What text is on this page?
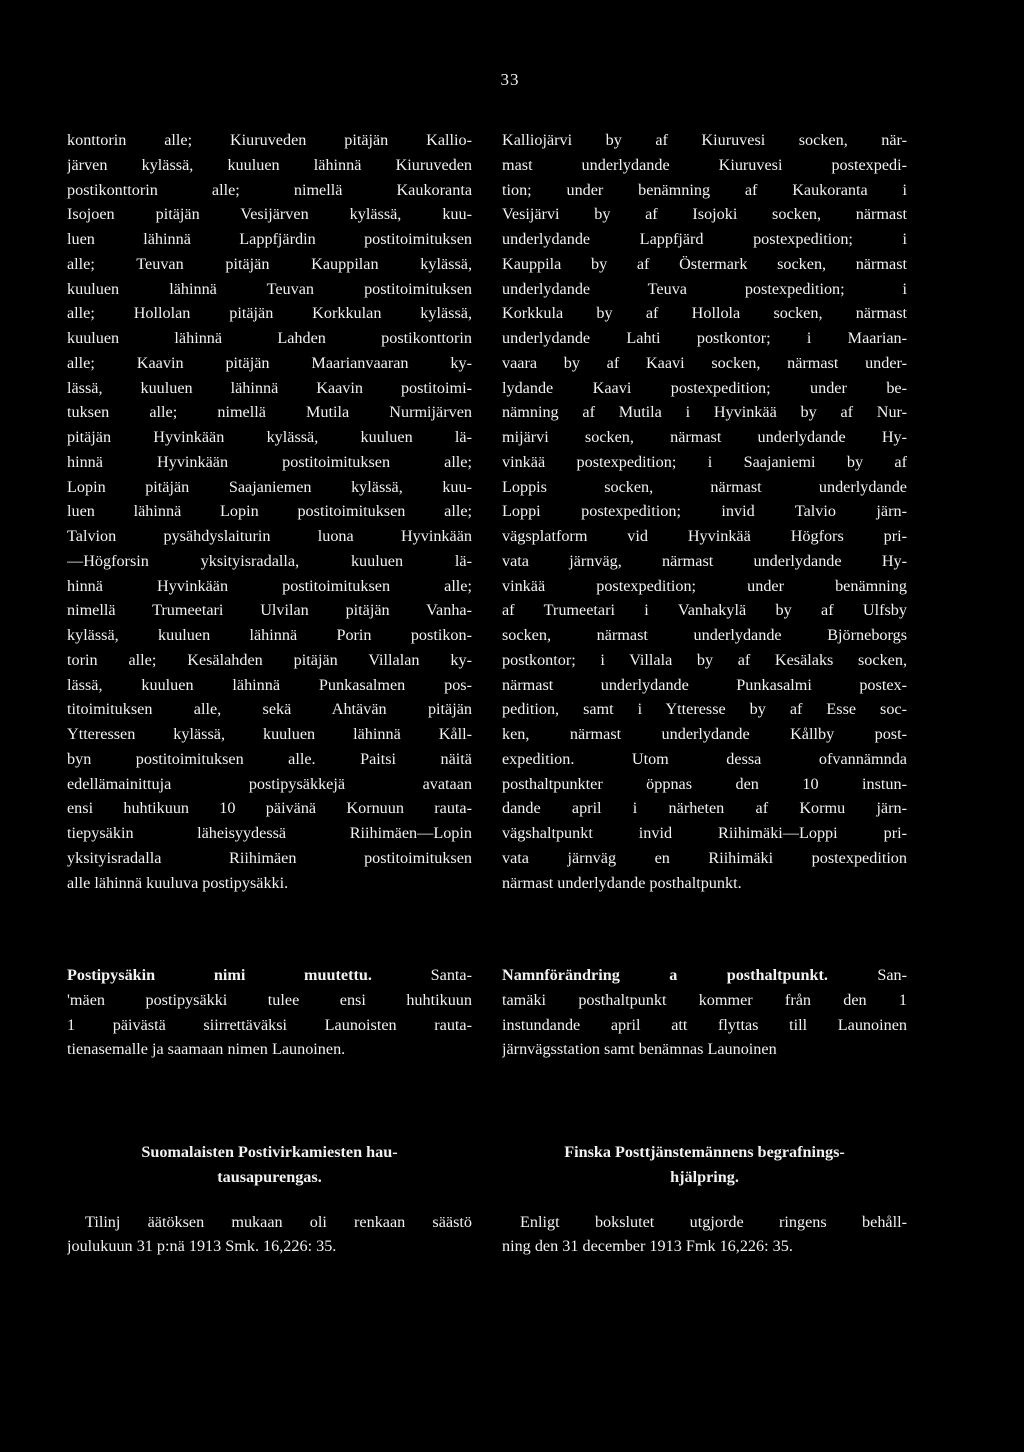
33

konttorin alle; Kiuruveden pitäjän Kallio-
järven kylässä, kuuluen lähinnä Kiuruveden
postikonttorin alle; nimellä Kaukoranta
Isojoen pitäjän Vesijärven kylässä, kuu-
luen lähinnä Lappfjärdin postitoimituksen
alle; Teuvan pitäjän Kauppilan kylässä,
kuuluen lähinnä Teuvan postitoimituksen
alle; Hollolan pitäjän Korkkulan kylässä,
kuuluen lähinnä Lahden postikonttorin
alle; Kaavin pitäjän Maarianvaaran ky-
lässä, kuuluen lähinnä Kaavin postitoimi-
tuksen alle; nimellä Mutila Nurmijärven
pitäjän Hyvinkään kylässä, kuuluen lä-
hinnä Hyvinkään postitoimituksen alle;
Lopin pitäjän Saajaniemen kylässä, kuu-
luen lähinnä Lopin postitoimituksen alle;
Talvion pysähdyslaiturin luona Hyvinkään
—Högforsin yksityisradalla, kuuluen lä-
hinnä Hyvinkään postitoimituksen alle;
nimellä Trumeetari Ulvilan pitäjän Vanha-
kylässä, kuuluen lähinnä Porin postikon-
torin alle; Kesälahden pitäjän Villalan ky-
lässä, kuuluen lähinnä Punkasalmen pos-
titoimituksen alle, sekä Ahtävän pitäjän
Ytteressen kylässä, kuuluen lähinnä Kåll-
byn postitoimituksen alle. Paitsi näitä
edellämainittuja postipysäkkejä avataan
ensi huhtikuun 10 päivänä Kornuun rauta-
tiepysäkin läheisyydessä Riihimäen—Lopin
yksityisradalla Riihimäen postitoimituksen
alle lähinnä kuuluva postipysäkki.

Kalliojärvi by af Kiuruvesi socken, när-
mast underlydande Kiuruvesi postexpedi-
tion; under benämning af Kaukoranta i
Vesijärvi by af Isojoki socken, närmast
underlydande Lappfjärd postexpedition; i
Kauppila by af Östermark socken, närmast
underlydande Teuva postexpedition; i
Korkkula by af Hollola socken, närmast
underlydande Lahti postkontor; i Maarian-
vaara by af Kaavi socken, närmast under-
lydande Kaavi postexpedition; under be-
nämning af Mutila i Hyvinkää by af Nur-
mijärvi socken, närmast underlydande Hy-
vinkää postexpedition; i Saajaniemi by af
Loppis socken, närmast underlydande
Loppi postexpedition; invid Talvio järn-
vägsplatform vid Hyvinkää Högfors pri-
vata järnväg, närmast underlydande Hy-
vinkää postexpedition; under benämning
af Trumeetari i Vanhakylä by af Ulfsby
socken, närmast underlydande Björneborgs
postkontor; i Villala by af Kesälaks socken,
närmast underlydande Punkasalmi postex-
pedition, samt i Ytteresse by af Esse soc-
ken, närmast underlydande Kållby post-
expedition. Utom dessa ofvannämnda
posthaltpunkter öppnas den 10 instun-
dande april i närheten af Kormu järn-
vägshaltpunkt invid Riihimäki—Loppi pri-
vata järnväg en Riihimäki postexpedition
närmast underlydande posthaltpunkt.

Postipysäkin nimi muutettu. Santa-
'mäen postipysäkki tulee ensi huhtikuun
1 päivästä siirrettäväksi Launoisten rauta-
tienasemalle ja saamaan nimen Launoinen.

Namnförändring a posthaltpunkt. San-
tamäki posthaltpunkt kommer från den 1
instundande april att flyttas till Launoinen
järnvägsstation samt benämnas Launoinen

Suomalaisten Postivirkamiesten hau-
tausapurengas.

Tilinj äätöksen mukaan oli renkaan säästö
joulukuun 31 p:nä 1913 Smk. 16,226: 35.

Finska Posttjänstemännens begrafnings-
hjälpring.

Enligt bokslutet utgjorde ringens behåll-
ning den 31 december 1913 Fmk 16,226: 35.
